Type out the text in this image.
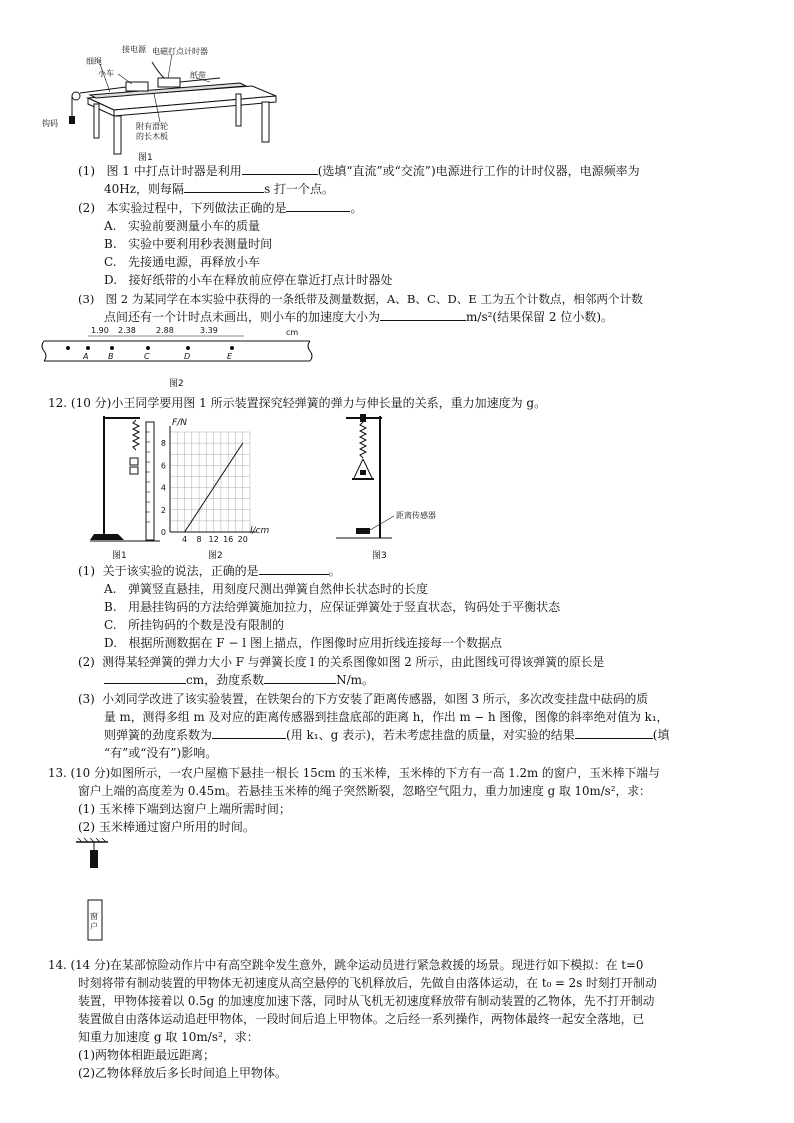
接电源 电磁打点计时器
细绳
小车	纸带
钩码	附有滑轮
的长木板
图1
(1) 图 1 中打点计时器是利用	(选填“直流”或“交流”)电源进行工作的计时仪器，电源频率为
40Hz，则每隔	s 打一个点。
(2) 本实验过程中，下列做法正确的是	。
A. 实验前要测量小车的质量
B. 实验中要利用秒表测量时间
C. 先接通电源，再释放小车
D. 接好纸带的小车在释放前应停在靠近打点计时器处
(3) 图 2 为某同学在本实验中获得的一条纸带及测量数据，A、B、C、D、E 工为五个计数点，相邻两个计数
点间还有一个计时点未画出，则小车的加速度大小为	m/s²(结果保留 2 位小数)。
1.90 2.38	2.88	3.39	cm
A B	C	D	E
图2
12. (10 分)小王同学要用图 1 所示装置探究轻弹簧的弹力与伸长量的关系，重力加速度为 g。
图1
4 8 12 16 20
0
2
4
6
8
F/N
l/cm
图2
距离传感器
图3
(1) 关于该实验的说法，正确的是	。
A. 弹簧竖直悬挂，用刻度尺测出弹簧自然伸长状态时的长度
B. 用悬挂钩码的方法给弹簧施加拉力，应保证弹簧处于竖直状态，钩码处于平衡状态
C. 所挂钩码的个数是没有限制的
D. 根据所测数据在 F − l 图上描点，作图像时应用折线连接每一个数据点
(2) 测得某轻弹簧的弹力大小 F 与弹簧长度 l 的关系图像如图 2 所示，由此图线可得该弹簧的原长是
cm，劲度系数	N/m。
(3) 小刘同学改进了该实验装置，在铁架台的下方安装了距离传感器，如图 3 所示，多次改变挂盘中砝码的质
量 m，测得多组 m 及对应的距离传感器到挂盘底部的距离 h，作出 m − h 图像，图像的斜率绝对值为 k₁，
则弹簧的劲度系数为	(用 k₁、g 表示)，若未考虑挂盘的质量，对实验的结果	(填
“有”或“没有”)影响。
13. (10 分)如图所示，一农户屋檐下悬挂一根长 15cm 的玉米棒，玉米棒的下方有一高 1.2m 的窗户，玉米棒下端与
窗户上端的高度差为 0.45m。若悬挂玉米棒的绳子突然断裂，忽略空气阻力，重力加速度 g 取 10m/s²，求：
(1) 玉米棒下端到达窗户上端所需时间；
(2) 玉米棒通过窗户所用的时间。
窗户
14. (14 分)在某部惊险动作片中有高空跳伞发生意外，跳伞运动员进行紧急救援的场景。现进行如下模拟：在 t=0
时刻将带有制动装置的甲物体无初速度从高空悬停的飞机释放后，先做自由落体运动，在 t₀ = 2s 时刻打开制动
装置，甲物体接着以 0.5g 的加速度加速下落，同时从飞机无初速度释放带有制动装置的乙物体，先不打开制动
装置做自由落体运动追赶甲物体，一段时间后追上甲物体。之后经一系列操作，两物体最终一起安全落地，已
知重力加速度 g 取 10m/s²，求：
(1)两物体相距最远距离；
(2)乙物体释放后多长时间追上甲物体。
